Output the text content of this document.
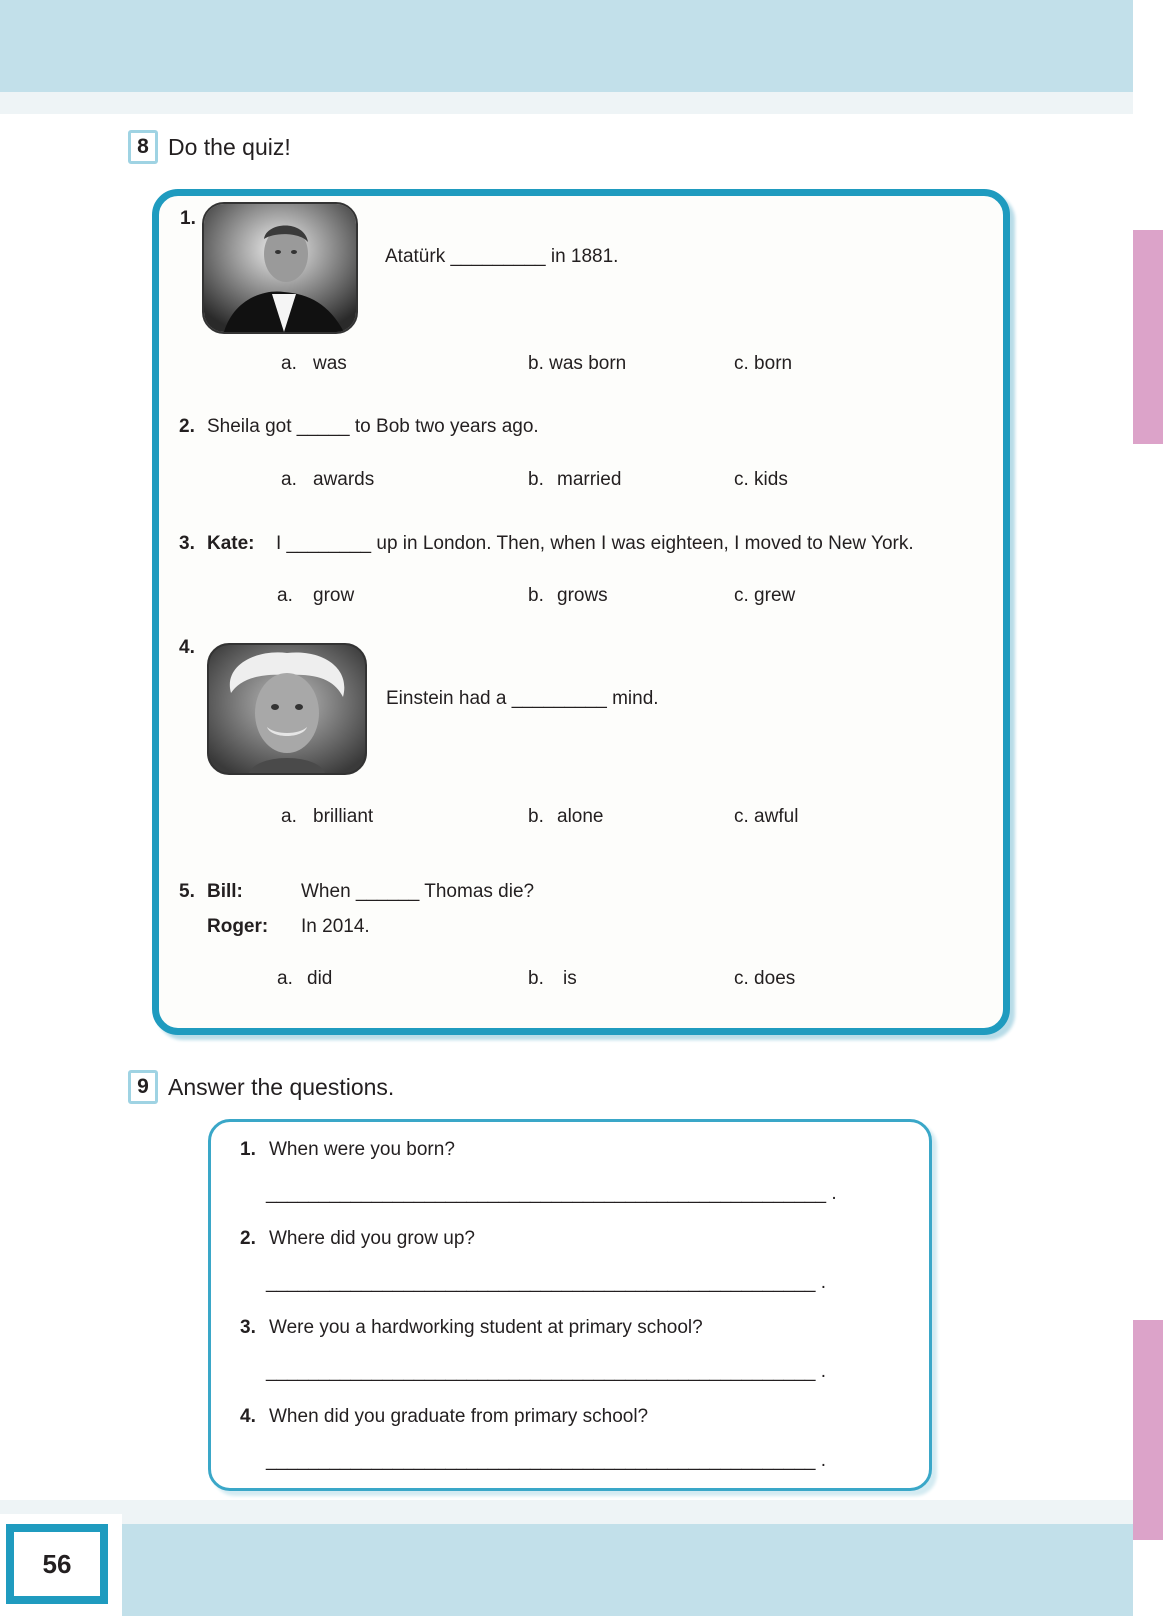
8 Do the quiz!
1.
Atatürk _________ in 1881.
a. was	b. was born	c. born
2. Sheila got _____ to Bob two years ago.
a. awards	b. married	c. kids
3. Kate: I ________ up in London. Then, when I was eighteen, I moved to New York.
a. grow	b. grows	c. grew
4.
Einstein had a _________ mind.
a. brilliant	b. alone	c. awful
5. Bill:	When ______ Thomas die?
Roger: In 2014.
a. did	b. is	c. does
9 Answer the questions.
1. When were you born?
_____________________________________________________ .
2. Where did you grow up?
____________________________________________________ .
3. Were you a hardworking student at primary school?
____________________________________________________ .
4. When did you graduate from primary school?
____________________________________________________ .
56
